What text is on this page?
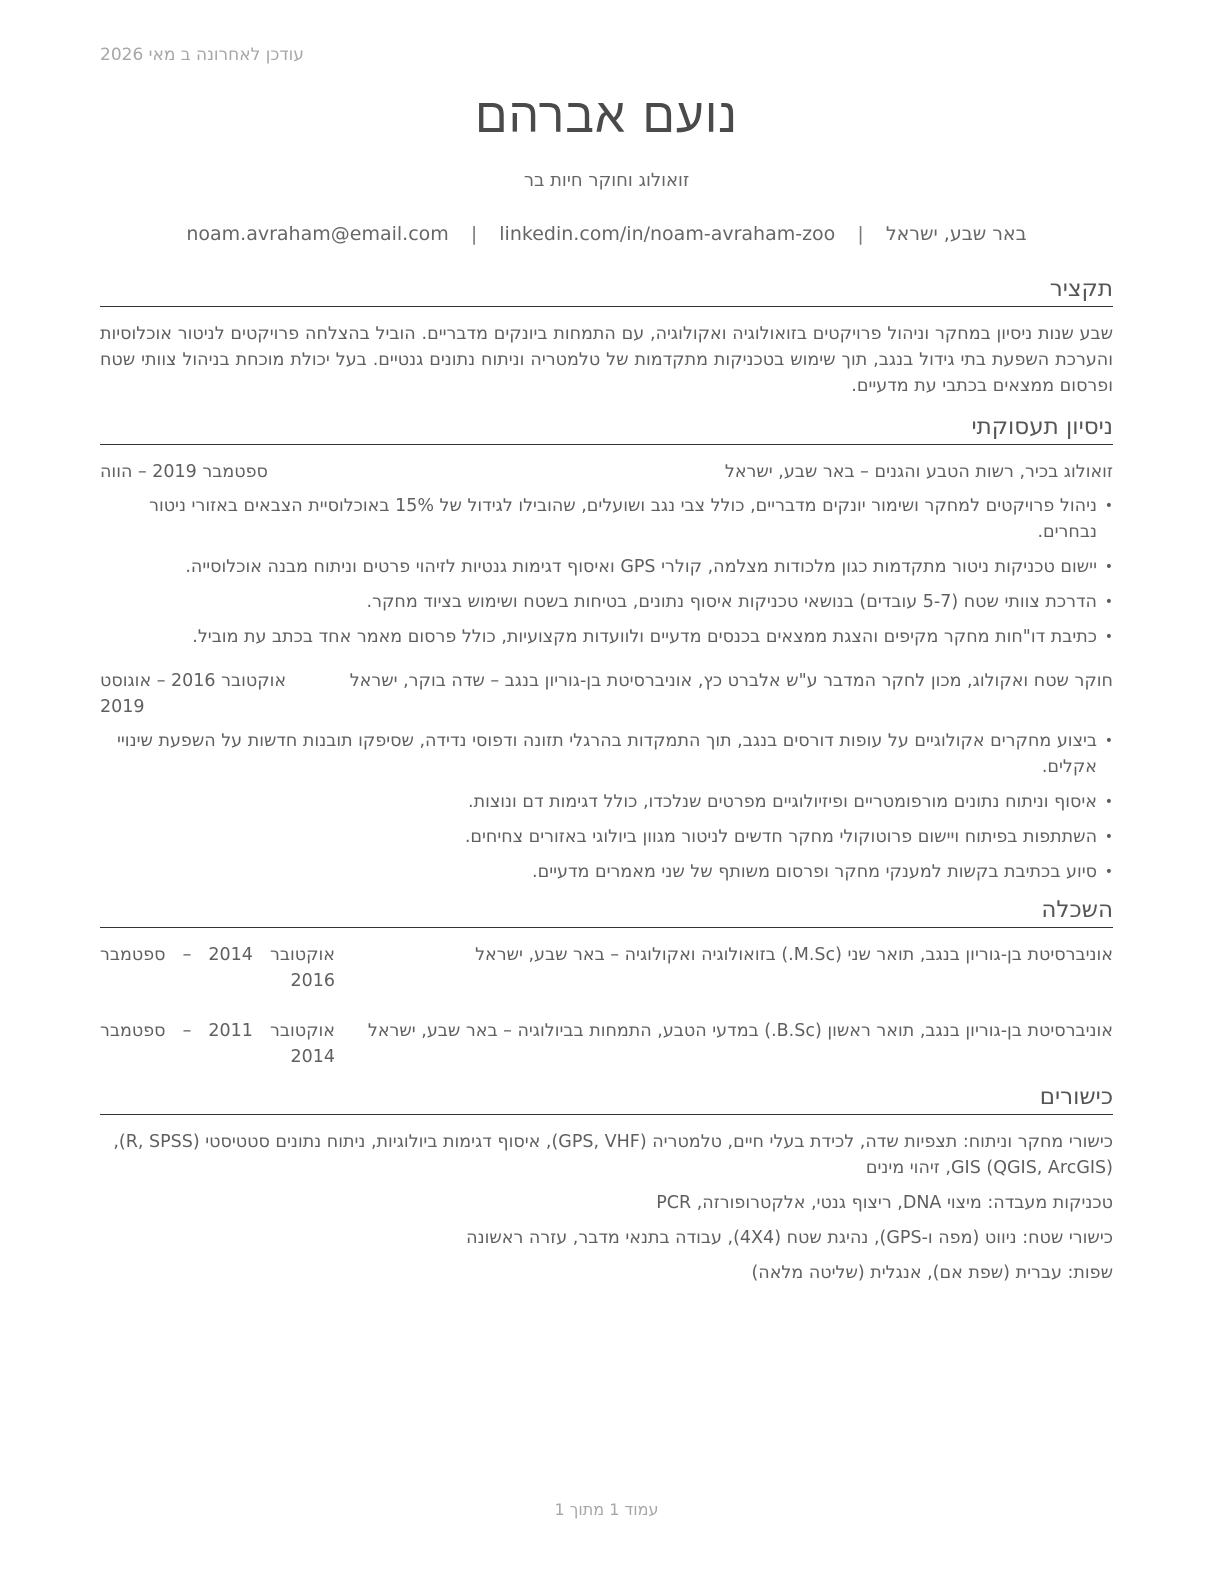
עודכן לאחרונה ב מאי 2026
נועם אברהם
זואולוג וחוקר חיות בר
באר שבע, ישראל | noam.avraham@email.com | linkedin.com/in/noam-avraham-zoo
תקציר
שבע שנות ניסיון במחקר וניהול פרויקטים בזואולוגיה ואקולוגיה, עם התמחות ביונקים מדבריים. הוביל בהצלחה פרויקטים לניטור אוכלוסיות והערכת השפעת בתי גידול בנגב, תוך שימוש בטכניקות מתקדמות של טלמטריה וניתוח נתונים גנטיים. בעל יכולת מוכחת בניהול צוותי שטח ופרסום ממצאים בכתבי עת מדעיים.
ניסיון תעסוקתי
זואולוג בכיר, רשות הטבע והגנים – באר שבע, ישראל
ספטמבר 2019 – הווה
• ניהול פרויקטים למחקר ושימור יונקים מדבריים, כולל צבי נגב ושועלים, שהובילו לגידול של 15% באוכלוסיית הצבאים באזורי ניטור נבחרים.
• יישום טכניקות ניטור מתקדמות כגון מלכודות מצלמה, קולרי GPS ואיסוף דגימות גנטיות לזיהוי פרטים וניתוח מבנה אוכלוסייה.
• הדרכת צוותי שטח (5-7 עובדים) בנושאי טכניקות איסוף נתונים, בטיחות בשטח ושימוש בציוד מחקר.
• כתיבת דו"חות מחקר מקיפים והצגת ממצאים בכנסים מדעיים ולוועדות מקצועיות, כולל פרסום מאמר אחד בכתב עת מוביל.
חוקר שטח ואקולוג, מכון לחקר המדבר ע"ש אלברט כץ, אוניברסיטת בן-גוריון בנגב – שדה בוקר, ישראל
אוקטובר 2016 – אוגוסט 2019
• ביצוע מחקרים אקולוגיים על עופות דורסים בנגב, תוך התמקדות בהרגלי תזונה ודפוסי נדידה, שסיפקו תובנות חדשות על השפעת שינויי אקלים.
• איסוף וניתוח נתונים מורפומטריים ופיזיולוגיים מפרטים שנלכדו, כולל דגימות דם ונוצות.
• השתתפות בפיתוח ויישום פרוטוקולי מחקר חדשים לניטור מגוון ביולוגי באזורים צחיחים.
• סיוע בכתיבת בקשות למענקי מחקר ופרסום משותף של שני מאמרים מדעיים.
השכלה
אוניברסיטת בן-גוריון בנגב, תואר שני (M.Sc.) בזואולוגיה ואקולוגיה – באר שבע, ישראל
אוקטובר 2014 – ספטמבר 2016
אוניברסיטת בן-גוריון בנגב, תואר ראשון (B.Sc.) במדעי הטבע, התמחות בביולוגיה – באר שבע, ישראל
אוקטובר 2011 – ספטמבר 2014
כישורים

כישורי מחקר וניתוח: תצפיות שדה, לכידת בעלי חיים, טלמטריה (GPS, VHF), איסוף דגימות ביולוגיות, ניתוח נתונים סטטיסטי (R, SPSS), GIS (QGIS, ArcGIS), זיהוי מינים

טכניקות מעבדה: מיצוי DNA, ריצוף גנטי, אלקטרופורזה, PCR

כישורי שטח: ניווט (מפה ו-GPS), נהיגת שטח (4X4), עבודה בתנאי מדבר, עזרה ראשונה

שפות: עברית (שפת אם), אנגלית (שליטה מלאה)

עמוד 1 מתוך 1
